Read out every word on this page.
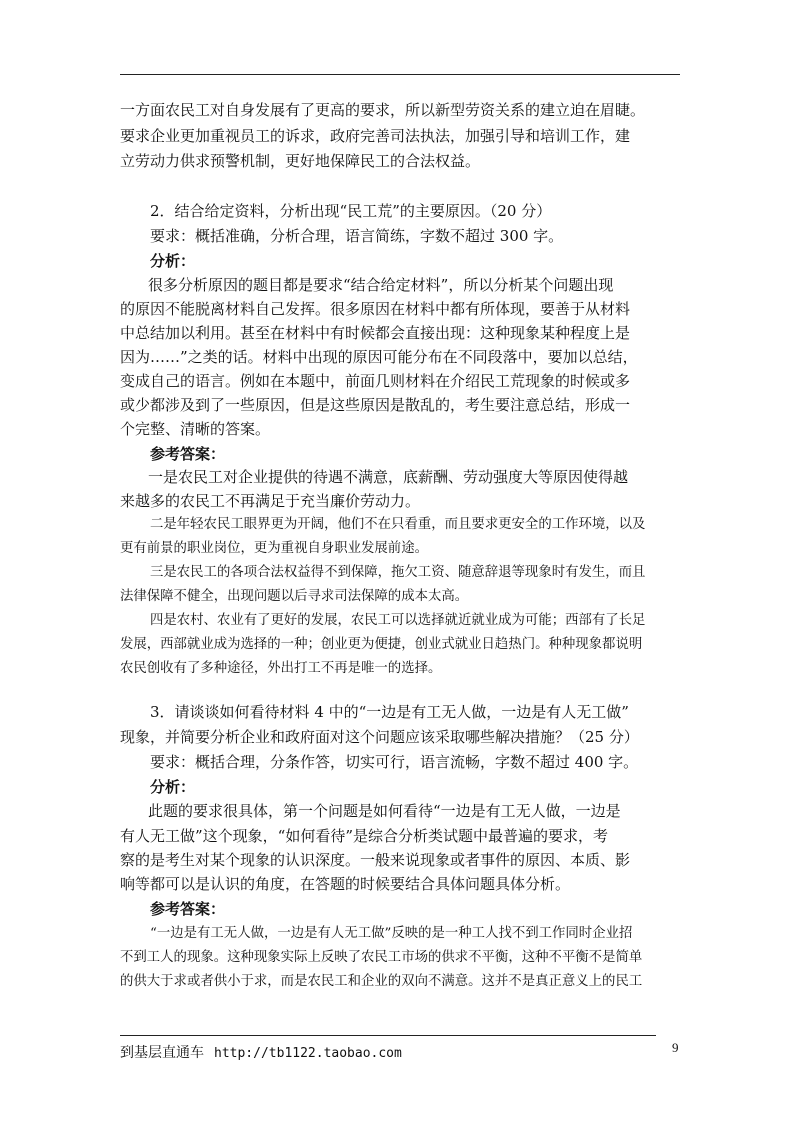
一方面农民工对自身发展有了更高的要求，所以新型劳资关系的建立迫在眉睫。
要求企业更加重视员工的诉求，政府完善司法执法，加强引导和培训工作，建
立劳动力供求预警机制，更好地保障民工的合法权益。
2．结合给定资料，分析出现“民工荒”的主要原因。（20 分）
要求：概括准确，分析合理，语言简练，字数不超过 300 字。
分析：
很多分析原因的题目都是要求“结合给定材料”，所以分析某个问题出现
的原因不能脱离材料自己发挥。很多原因在材料中都有所体现，要善于从材料
中总结加以利用。甚至在材料中有时候都会直接出现：这种现象某种程度上是
因为……”之类的话。材料中出现的原因可能分布在不同段落中，要加以总结，
变成自己的语言。例如在本题中，前面几则材料在介绍民工荒现象的时候或多
或少都涉及到了一些原因，但是这些原因是散乱的，考生要注意总结，形成一
个完整、清晰的答案。
参考答案：
一是农民工对企业提供的待遇不满意，底薪酬、劳动强度大等原因使得越
来越多的农民工不再满足于充当廉价劳动力。
二是年轻农民工眼界更为开阔，他们不在只看重，而且要求更安全的工作环境，以及
更有前景的职业岗位，更为重视自身职业发展前途。
三是农民工的各项合法权益得不到保障，拖欠工资、随意辞退等现象时有发生，而且
法律保障不健全，出现问题以后寻求司法保障的成本太高。
四是农村、农业有了更好的发展，农民工可以选择就近就业成为可能；西部有了长足
发展，西部就业成为选择的一种；创业更为便捷，创业式就业日趋热门。种种现象都说明
农民创收有了多种途径，外出打工不再是唯一的选择。
3．请谈谈如何看待材料 4 中的“一边是有工无人做，一边是有人无工做”
现象，并简要分析企业和政府面对这个问题应该采取哪些解决措施？（25 分）
要求：概括合理，分条作答，切实可行，语言流畅，字数不超过 400 字。
分析：
此题的要求很具体，第一个问题是如何看待“一边是有工无人做，一边是
有人无工做”这个现象，“如何看待”是综合分析类试题中最普遍的要求，考
察的是考生对某个现象的认识深度。一般来说现象或者事件的原因、本质、影
响等都可以是认识的角度，在答题的时候要结合具体问题具体分析。
参考答案：
“一边是有工无人做，一边是有人无工做”反映的是一种工人找不到工作同时企业招
不到工人的现象。这种现象实际上反映了农民工市场的供求不平衡，这种不平衡不是简单
的供大于求或者供小于求，而是农民工和企业的双向不满意。这并不是真正意义上的民工
到基层直通车 http://tb1122.taobao.com	9
